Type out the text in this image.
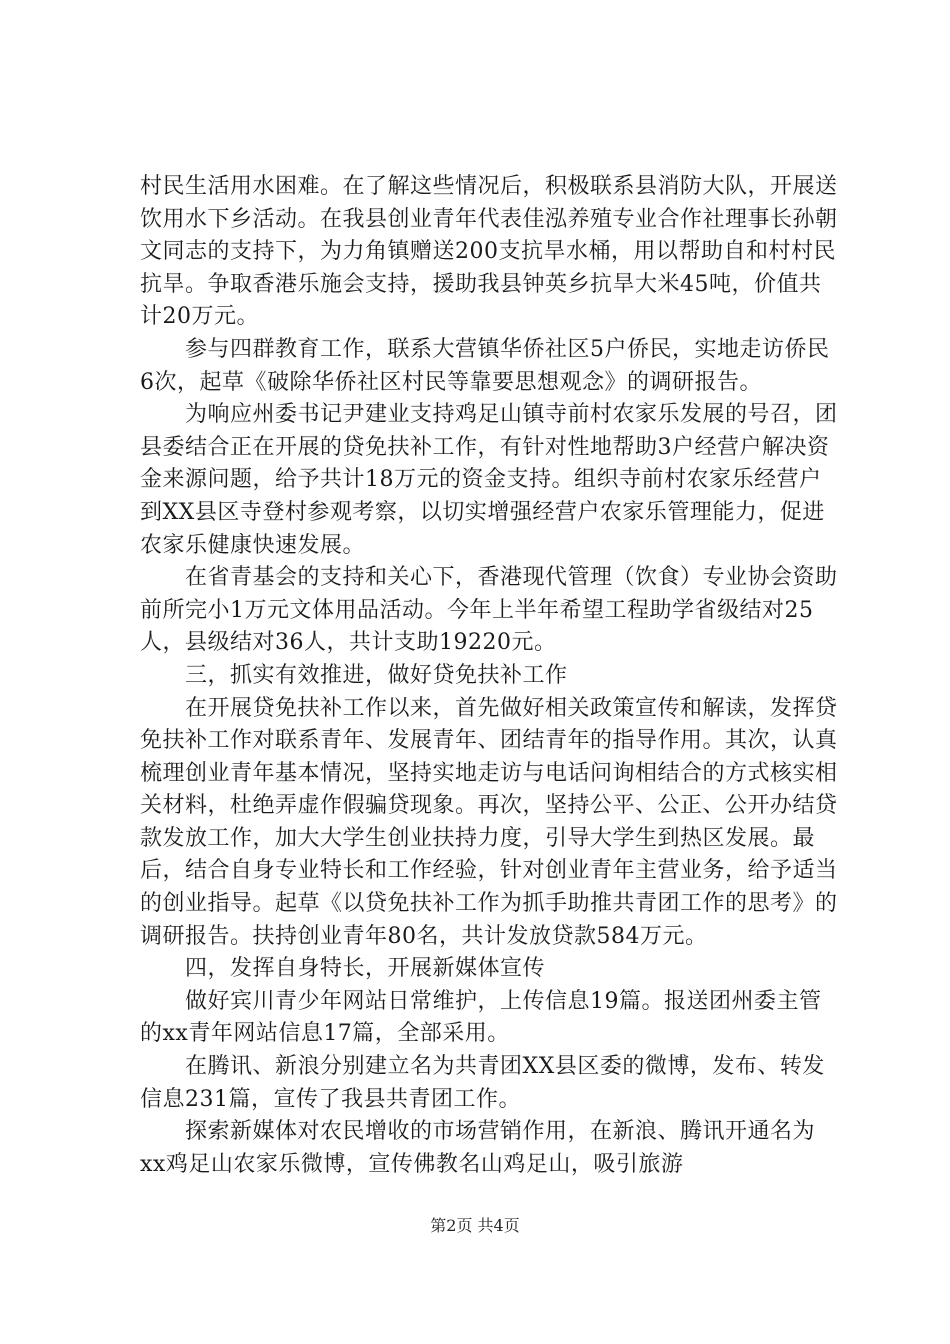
村民生活用水困难。在了解这些情况后，积极联系县消防大队，开展送饮用水下乡活动。在我县创业青年代表佳泓养殖专业合作社理事长孙朝文同志的支持下，为力角镇赠送200支抗旱水桶，用以帮助自和村村民抗旱。争取香港乐施会支持，援助我县钟英乡抗旱大米45吨，价值共计20万元。

参与四群教育工作，联系大营镇华侨社区5户侨民，实地走访侨民6次，起草《破除华侨社区村民等靠要思想观念》的调研报告。

为响应州委书记尹建业支持鸡足山镇寺前村农家乐发展的号召，团县委结合正在开展的贷免扶补工作，有针对性地帮助3户经营户解决资金来源问题，给予共计18万元的资金支持。组织寺前村农家乐经营户到XX县区寺登村参观考察，以切实增强经营户农家乐管理能力，促进农家乐健康快速发展。

在省青基会的支持和关心下，香港现代管理（饮食）专业协会资助前所完小1万元文体用品活动。今年上半年希望工程助学省级结对25人，县级结对36人，共计支助19220元。

三，抓实有效推进，做好贷免扶补工作

在开展贷免扶补工作以来，首先做好相关政策宣传和解读，发挥贷免扶补工作对联系青年、发展青年、团结青年的指导作用。其次，认真梳理创业青年基本情况，坚持实地走访与电话问询相结合的方式核实相关材料，杜绝弄虚作假骗贷现象。再次，坚持公平、公正、公开办结贷款发放工作，加大大学生创业扶持力度，引导大学生到热区发展。最后，结合自身专业特长和工作经验，针对创业青年主营业务，给予适当的创业指导。起草《以贷免扶补工作为抓手助推共青团工作的思考》的调研报告。扶持创业青年80名，共计发放贷款584万元。

四，发挥自身特长，开展新媒体宣传

做好宾川青少年网站日常维护，上传信息19篇。报送团州委主管的xx青年网站信息17篇，全部采用。

在腾讯、新浪分别建立名为共青团XX县区委的微博，发布、转发信息231篇，宣传了我县共青团工作。

探索新媒体对农民增收的市场营销作用，在新浪、腾讯开通名为xx鸡足山农家乐微博，宣传佛教名山鸡足山，吸引旅游

第2页 共4页
